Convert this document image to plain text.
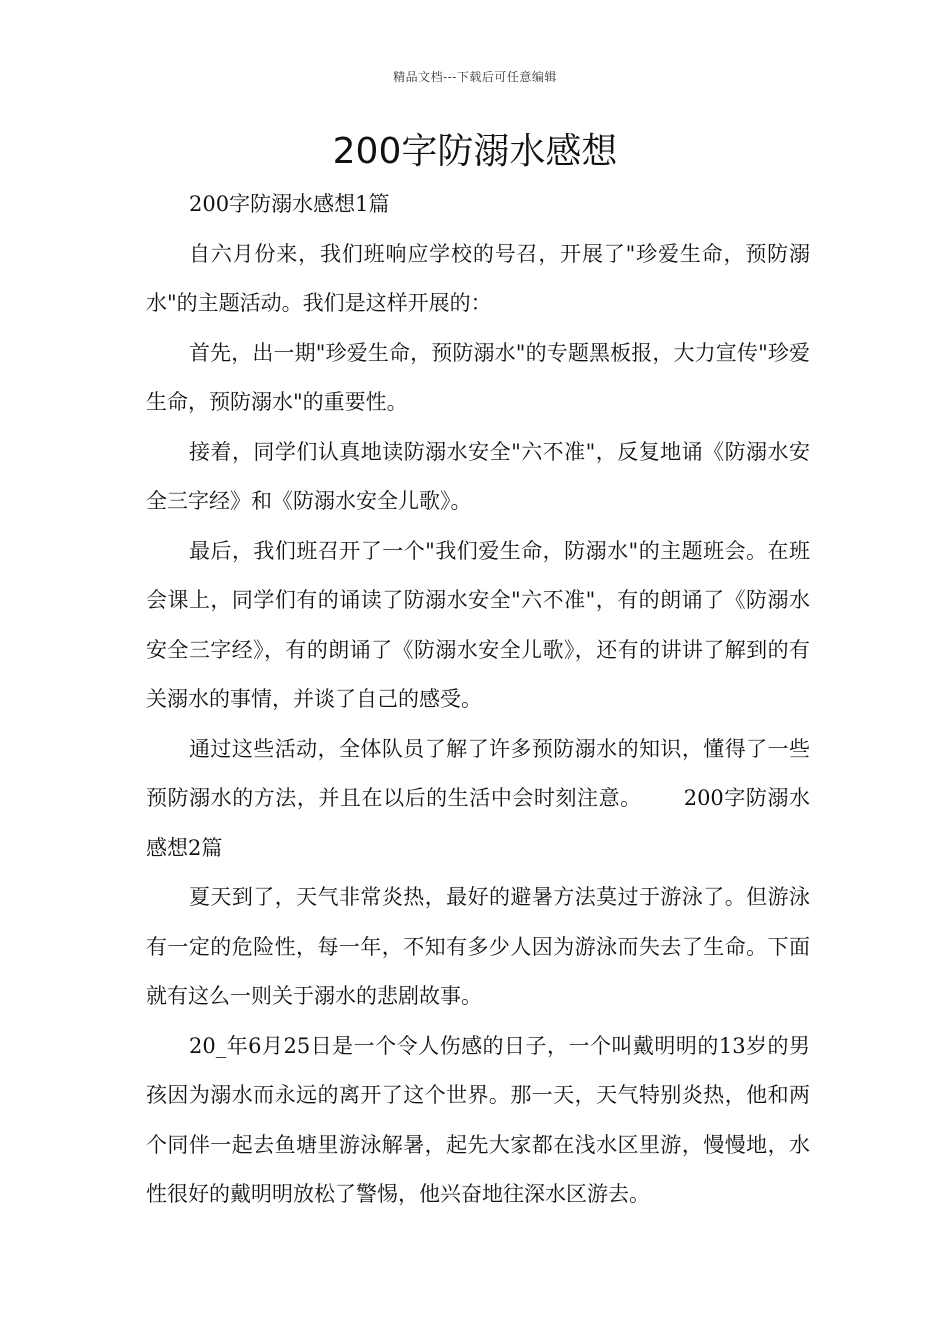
精品文档---下载后可任意编辑
200字防溺水感想

200字防溺水感想1篇

自六月份来，我们班响应学校的号召，开展了"珍爱生命，预防溺水"的主题活动。我们是这样开展的：

首先，出一期"珍爱生命，预防溺水"的专题黑板报，大力宣传"珍爱生命，预防溺水"的重要性。

接着，同学们认真地读防溺水安全"六不准"，反复地诵《防溺水安全三字经》和《防溺水安全儿歌》。

最后，我们班召开了一个"我们爱生命，防溺水"的主题班会。在班会课上，同学们有的诵读了防溺水安全"六不准"，有的朗诵了《防溺水安全三字经》，有的朗诵了《防溺水安全儿歌》，还有的讲讲了解到的有关溺水的事情，并谈了自己的感受。

通过这些活动，全体队员了解了许多预防溺水的知识，懂得了一些预防溺水的方法，并且在以后的生活中会时刻注意。   200字防溺水感想2篇

夏天到了，天气非常炎热，最好的避暑方法莫过于游泳了。但游泳有一定的危险性，每一年，不知有多少人因为游泳而失去了生命。下面就有这么一则关于溺水的悲剧故事。

20_年6月25日是一个令人伤感的日子，一个叫戴明明的13岁的男孩因为溺水而永远的离开了这个世界。那一天，天气特别炎热，他和两个同伴一起去鱼塘里游泳解暑，起先大家都在浅水区里游，慢慢地，水性很好的戴明明放松了警惕，他兴奋地往深水区游去。
